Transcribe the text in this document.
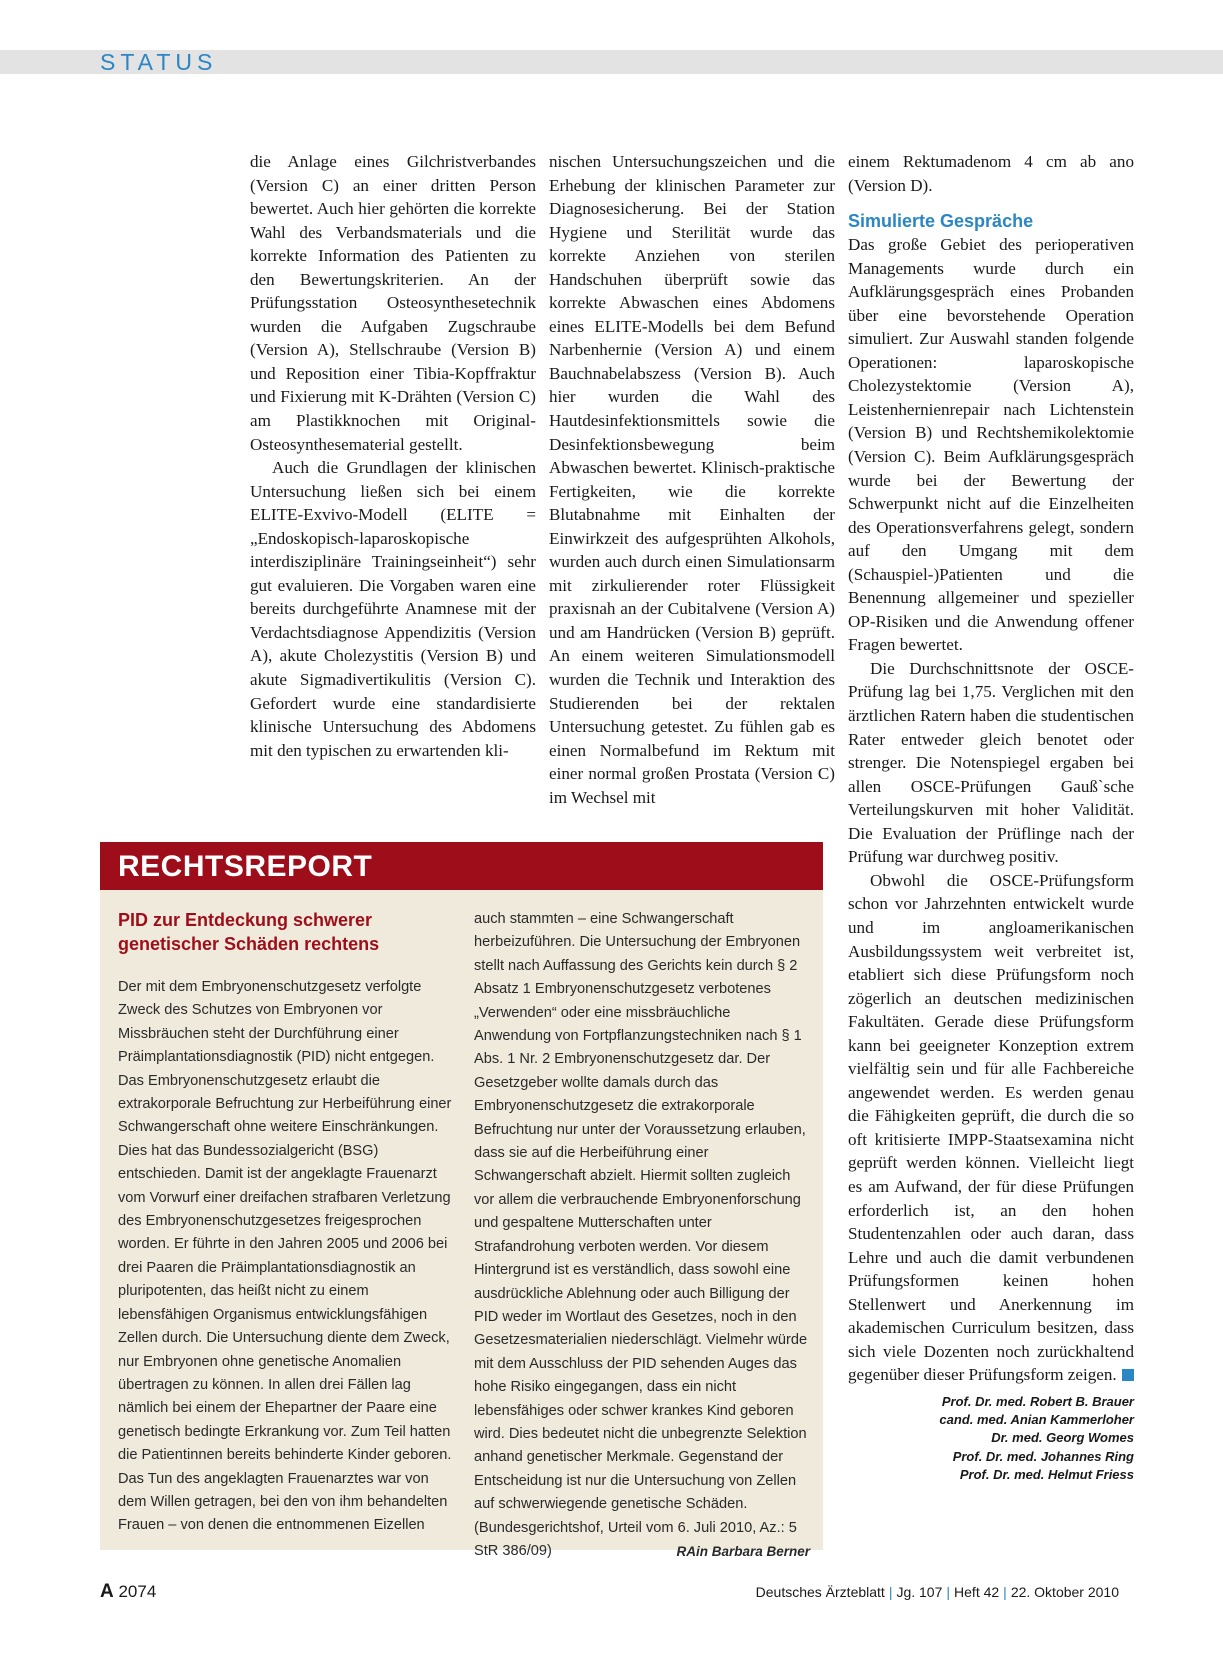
STATUS

die Anlage eines Gilchristverbandes (Version C) an einer dritten Person bewertet. Auch hier gehörten die korrekte Wahl des Verbandsmaterials und die korrekte Information des Patienten zu den Bewertungskriterien. An der Prüfungsstation Osteosynthesetechnik wurden die Aufgaben Zugschraube (Version A), Stellschraube (Version B) und Reposition einer Tibia-Kopffraktur und Fixierung mit K-Drähten (Version C) am Plastikknochen mit Original-Osteosynthesematerial gestellt.

Auch die Grundlagen der klinischen Untersuchung ließen sich bei einem ELITE-Exvivo-Modell (ELITE = „Endoskopisch-laparoskopische interdisziplinäre Trainingseinheit“) sehr gut evaluieren. Die Vorgaben waren eine bereits durchgeführte Anamnese mit der Verdachtsdiagnose Appendizitis (Version A), akute Cholezystitis (Version B) und akute Sigmadivertikulitis (Version C). Gefordert wurde eine standardisierte klinische Untersuchung des Abdomens mit den typischen zu erwartenden kli-

nischen Untersuchungszeichen und die Erhebung der klinischen Parameter zur Diagnosesicherung. Bei der Station Hygiene und Sterilität wurde das korrekte Anziehen von sterilen Handschuhen überprüft sowie das korrekte Abwaschen eines Abdomens eines ELITE-Modells bei dem Befund Narbenhernie (Version A) und einem Bauchnabelabszess (Version B). Auch hier wurden die Wahl des Hautdesinfektionsmittels sowie die Desinfektionsbewegung beim Abwaschen bewertet. Klinisch-praktische Fertigkeiten, wie die korrekte Blutabnahme mit Einhalten der Einwirkzeit des aufgesprühten Alkohols, wurden auch durch einen Simulationsarm mit zirkulierender roter Flüssigkeit praxisnah an der Cubitalvene (Version A) und am Handrücken (Version B) geprüft. An einem weiteren Simulationsmodell wurden die Technik und Interaktion des Studierenden bei der rektalen Untersuchung getestet. Zu fühlen gab es einen Normalbefund im Rektum mit einer normal großen Prostata (Version C) im Wechsel mit

einem Rektumadenom 4 cm ab ano (Version D).

Simulierte Gespräche

Das große Gebiet des perioperativen Managements wurde durch ein Aufklärungsgespräch eines Probanden über eine bevorstehende Operation simuliert. Zur Auswahl standen folgende Operationen: laparoskopische Cholezystektomie (Version A), Leistenhernienrepair nach Lichtenstein (Version B) und Rechtshemikolektomie (Version C). Beim Aufklärungsgespräch wurde bei der Bewertung der Schwerpunkt nicht auf die Einzelheiten des Operationsverfahrens gelegt, sondern auf den Umgang mit dem (Schauspiel-)Patienten und die Benennung allgemeiner und spezieller OP-Risiken und die Anwendung offener Fragen bewertet.

Die Durchschnittsnote der OSCE-Prüfung lag bei 1,75. Verglichen mit den ärztlichen Ratern haben die studentischen Rater entweder gleich benotet oder strenger. Die Notenspiegel ergaben bei allen OSCE-Prüfungen Gauß`sche Verteilungskurven mit hoher Validität. Die Evaluation der Prüflinge nach der Prüfung war durchweg positiv.

Obwohl die OSCE-Prüfungsform schon vor Jahrzehnten entwickelt wurde und im angloamerikanischen Ausbildungssystem weit verbreitet ist, etabliert sich diese Prüfungsform noch zögerlich an deutschen medizinischen Fakultäten. Gerade diese Prüfungsform kann bei geeigneter Konzeption extrem vielfältig sein und für alle Fachbereiche angewendet werden. Es werden genau die Fähigkeiten geprüft, die durch die so oft kritisierte IMPP-Staatsexamina nicht geprüft werden können. Vielleicht liegt es am Aufwand, der für diese Prüfungen erforderlich ist, an den hohen Studentenzahlen oder auch daran, dass Lehre und auch die damit verbundenen Prüfungsformen keinen hohen Stellenwert und Anerkennung im akademischen Curriculum besitzen, dass sich viele Dozenten noch zurückhaltend gegenüber dieser Prüfungsform zeigen.

Prof. Dr. med. Robert B. Brauer
cand. med. Anian Kammerloher
Dr. med. Georg Womes
Prof. Dr. med. Johannes Ring
Prof. Dr. med. Helmut Friess
RECHTSREPORT
PID zur Entdeckung schwerer genetischer Schäden rechtens

Der mit dem Embryonenschutzgesetz verfolgte Zweck des Schutzes von Embryonen vor Missbräuchen steht der Durchführung einer Präimplantationsdiagnostik (PID) nicht entgegen. Das Embryonenschutzgesetz erlaubt die extrakorporale Befruchtung zur Herbeiführung einer Schwangerschaft ohne weitere Einschränkungen. Dies hat das Bundessozialgericht (BSG) entschieden. Damit ist der angeklagte Frauenarzt vom Vorwurf einer dreifachen strafbaren Verletzung des Embryonenschutzgesetzes freigesprochen worden. Er führte in den Jahren 2005 und 2006 bei drei Paaren die Präimplantationsdiagnostik an pluripotenten, das heißt nicht zu einem lebensfähigen Organismus entwicklungsfähigen Zellen durch. Die Untersuchung diente dem Zweck, nur Embryonen ohne genetische Anomalien übertragen zu können. In allen drei Fällen lag nämlich bei einem der Ehepartner der Paare eine genetisch bedingte Erkrankung vor. Zum Teil hatten die Patientinnen bereits behinderte Kinder geboren. Das Tun des angeklagten Frauenarztes war von dem Willen getragen, bei den von ihm behandelten Frauen – von denen die entnommenen Eizellen

auch stammten – eine Schwangerschaft herbeizuführen. Die Untersuchung der Embryonen stellt nach Auffassung des Gerichts kein durch § 2 Absatz 1 Embryonenschutzgesetz verbotenes „Verwenden“ oder eine missbräuchliche Anwendung von Fortpflanzungstechniken nach § 1 Abs. 1 Nr. 2 Embryonenschutzgesetz dar. Der Gesetzgeber wollte damals durch das Embryonenschutzgesetz die extrakorporale Befruchtung nur unter der Voraussetzung erlauben, dass sie auf die Herbeiführung einer Schwangerschaft abzielt. Hiermit sollten zugleich vor allem die verbrauchende Embryonenforschung und gespaltene Mutterschaften unter Strafandrohung verboten werden. Vor diesem Hintergrund ist es verständlich, dass sowohl eine ausdrückliche Ablehnung oder auch Billigung der PID weder im Wortlaut des Gesetzes, noch in den Gesetzesmaterialien niederschlägt. Vielmehr würde mit dem Ausschluss der PID sehenden Auges das hohe Risiko eingegangen, dass ein nicht lebensfähiges oder schwer krankes Kind geboren wird. Dies bedeutet nicht die unbegrenzte Selektion anhand genetischer Merkmale. Gegenstand der Entscheidung ist nur die Untersuchung von Zellen auf schwerwiegende genetische Schäden. (Bundesgerichtshof, Urteil vom 6. Juli 2010, Az.: 5 StR 386/09)	RAin Barbara Berner

A 2074	Deutsches Ärzteblatt | Jg. 107 | Heft 42 | 22. Oktober 2010
